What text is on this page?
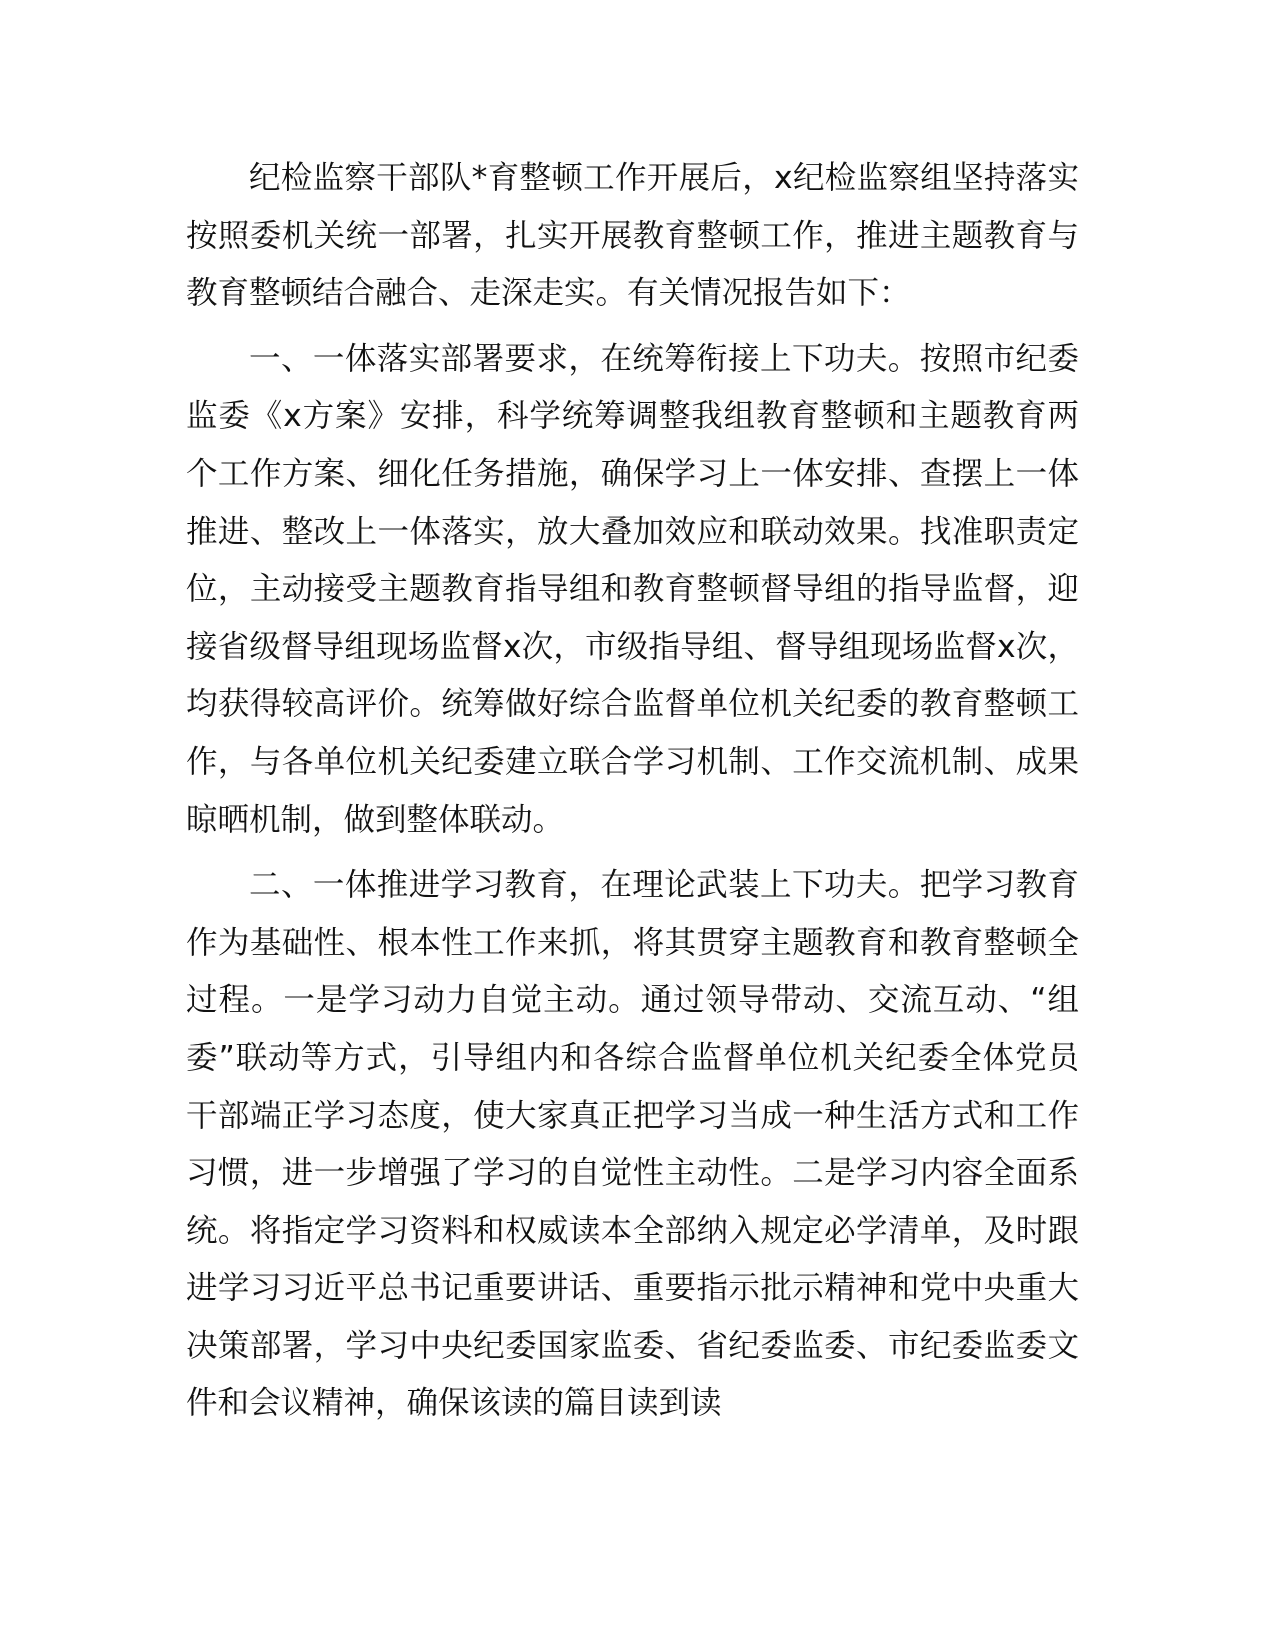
纪检监察干部队*育整顿工作开展后，x纪检监察组坚持落实按照委机关统一部署，扎实开展教育整顿工作，推进主题教育与教育整顿结合融合、走深走实。有关情况报告如下：

一、一体落实部署要求，在统筹衔接上下功夫。按照市纪委监委《x方案》安排，科学统筹调整我组教育整顿和主题教育两个工作方案、细化任务措施，确保学习上一体安排、查摆上一体推进、整改上一体落实，放大叠加效应和联动效果。找准职责定位，主动接受主题教育指导组和教育整顿督导组的指导监督，迎接省级督导组现场监督x次，市级指导组、督导组现场监督x次，均获得较高评价。统筹做好综合监督单位机关纪委的教育整顿工作，与各单位机关纪委建立联合学习机制、工作交流机制、成果晾晒机制，做到整体联动。

二、一体推进学习教育，在理论武装上下功夫。把学习教育作为基础性、根本性工作来抓，将其贯穿主题教育和教育整顿全过程。一是学习动力自觉主动。通过领导带动、交流互动、“组委”联动等方式，引导组内和各综合监督单位机关纪委全体党员干部端正学习态度，使大家真正把学习当成一种生活方式和工作习惯，进一步增强了学习的自觉性主动性。二是学习内容全面系统。将指定学习资料和权威读本全部纳入规定必学清单，及时跟进学习习近平总书记重要讲话、重要指示批示精神和党中央重大决策部署，学习中央纪委国家监委、省纪委监委、市纪委监委文件和会议精神，确保该读的篇目读到读
